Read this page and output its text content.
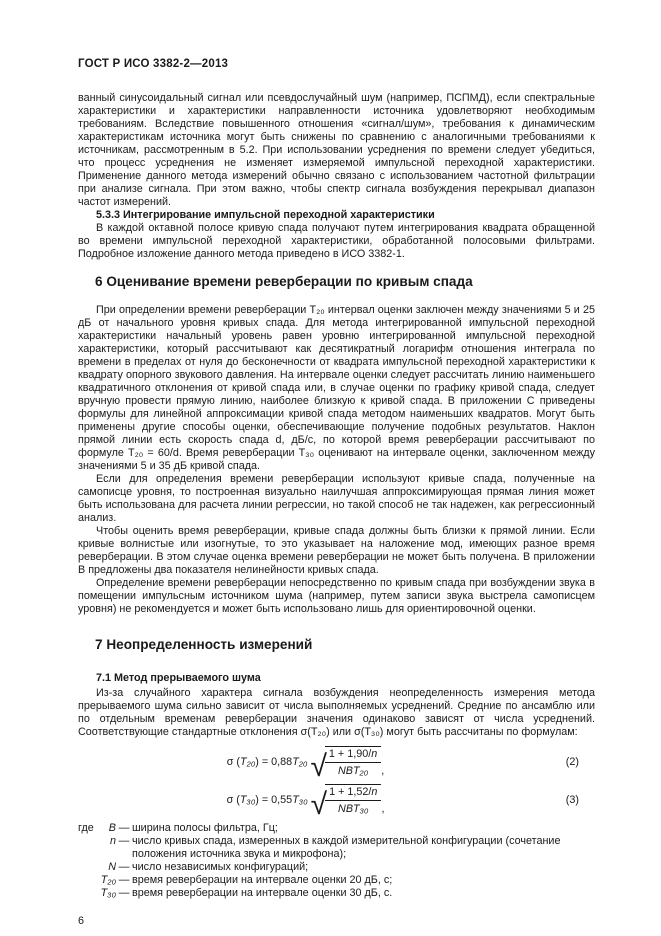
ГОСТ Р ИСО 3382-2—2013

ванный синусоидальный сигнал или псевдослучайный шум (например, ПСПМД), если спектральные характеристики и характеристики направленности источника удовлетворяют необходимым требованиям. Вследствие повышенного отношения «сигнал/шум», требования к динамическим характеристикам источника могут быть снижены по сравнению с аналогичными требованиями к источникам, рассмотренным в 5.2. При использовании усреднения по времени следует убедиться, что процесс усреднения не изменяет измеряемой импульсной переходной характеристики. Применение данного метода измерений обычно связано с использованием частотной фильтрации при анализе сигнала. При этом важно, чтобы спектр сигнала возбуждения перекрывал диапазон частот измерений.

5.3.3 Интегрирование импульсной переходной характеристики

В каждой октавной полосе кривую спада получают путем интегрирования квадрата обращенной во времени импульсной переходной характеристики, обработанной полосовыми фильтрами. Подробное изложение данного метода приведено в ИСО 3382-1.

6 Оценивание времени реверберации по кривым спада

При определении времени реверберации T₂₀ интервал оценки заключен между значениями 5 и 25 дБ от начального уровня кривых спада. Для метода интегрированной импульсной переходной характеристики начальный уровень равен уровню интегрированной импульсной переходной характеристики, который рассчитывают как десятикратный логарифм отношения интеграла по времени в пределах от нуля до бесконечности от квадрата импульсной переходной характеристики к квадрату опорного звукового давления. На интервале оценки следует рассчитать линию наименьшего квадратичного отклонения от кривой спада или, в случае оценки по графику кривой спада, следует вручную провести прямую линию, наиболее близкую к кривой спада. В приложении С приведены формулы для линейной аппроксимации кривой спада методом наименьших квадратов. Могут быть применены другие способы оценки, обеспечивающие получение подобных результатов. Наклон прямой линии есть скорость спада d, дБ/с, по которой время реверберации рассчитывают по формуле T₂₀ = 60/d. Время реверберации T₃₀ оценивают на интервале оценки, заключенном между значениями 5 и 35 дБ кривой спада.

Если для определения времени реверберации используют кривые спада, полученные на самописце уровня, то построенная визуально наилучшая аппроксимирующая прямая линия может быть использована для расчета линии регрессии, но такой способ не так надежен, как регрессионный анализ.

Чтобы оценить время реверберации, кривые спада должны быть близки к прямой линии. Если кривые волнистые или изогнутые, то это указывает на наложение мод, имеющих разное время реверберации. В этом случае оценка времени реверберации не может быть получена. В приложении В предложены два показателя нелинейности кривых спада.

Определение времени реверберации непосредственно по кривым спада при возбуждении звука в помещении импульсным источником шума (например, путем записи звука выстрела самописцем уровня) не рекомендуется и может быть использовано лишь для ориентировочной оценки.

7 Неопределенность измерений

7.1 Метод прерываемого шума

Из-за случайного характера сигнала возбуждения неопределенность измерения метода прерываемого шума сильно зависит от числа выполняемых усреднений. Средние по ансамблю или по отдельным временам реверберации значения одинаково зависят от числа усреднений. Соответствующие стандартные отклонения σ(T₂₀) или σ(T₃₀) могут быть рассчитаны по формулам:

σ ( T₂₀ ) = 0,88 T₂₀ √
$\frac{1 + 1,90/n}{\text{NBT₂₀}}$ ,
(2)
σ ( T₃₀ ) = 0,55 T₃₀ √
$\frac{1 + 1,52/n}{\text{NBT₃₀}}$ ,
(3)
где	B — ширина полосы фильтра, Гц;
n — число кривых спада, измеренных в каждой измерительной конфигурации (сочетание положения источника звука и микрофона);
N — число независимых конфигураций;
T₂₀ — время реверберации на интервале оценки 20 дБ, с;
T₃₀ — время реверберации на интервале оценки 30 дБ, с.
6
